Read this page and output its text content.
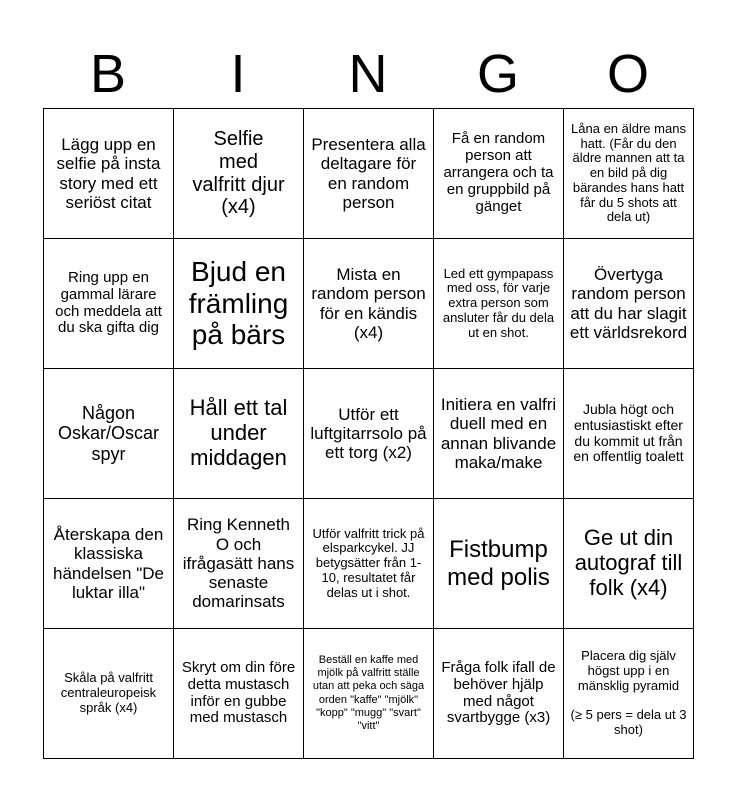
B	I	N	G	O
Lägg upp en selfie på insta story med ett seriöst citat	Selfie
med
valfritt djur
(x4)	Presentera alla deltagare för en random person	Få en random person att arrangera och ta en gruppbild på gänget	Låna en äldre mans hatt. (Får du den äldre mannen att ta en bild på dig bärandes hans hatt får du 5 shots att dela ut)
Ring upp en gammal lärare och meddela att du ska gifta dig	Bjud en främling på bärs	Mista en random person för en kändis (x4)	Led ett gympapass med oss, för varje extra person som ansluter får du dela ut en shot.	Övertyga random person att du har slagit ett världsrekord
Någon Oskar/Oscar spyr	Håll ett tal under middagen	Utför ett luftgitarrsolo på ett torg (x2)	Initiera en valfri duell med en annan blivande maka/make	Jubla högt och entusiastiskt efter du kommit ut från en offentlig toalett
Återskapa den klassiska händelsen "De luktar illa"	Ring Kenneth O och ifrågasätt hans senaste domarinsats	Utför valfritt trick på elsparkcykel. JJ betygsätter från 1-10, resultatet får delas ut i shot.	Fistbump med polis	Ge ut din autograf till folk (x4)
Skåla på valfritt centraleuropeisk språk (x4)	Skryt om din före detta mustasch inför en gubbe med mustasch	Beställ en kaffe med mjölk på valfritt ställe utan att peka och säga orden "kaffe" "mjölk" "kopp" "mugg" "svart" "vitt"	Fråga folk ifall de behöver hjälp med något svartbygge (x3)	Placera dig själv högst upp i en mänsklig pyramid

(≥ 5 pers = dela ut 3 shot)
